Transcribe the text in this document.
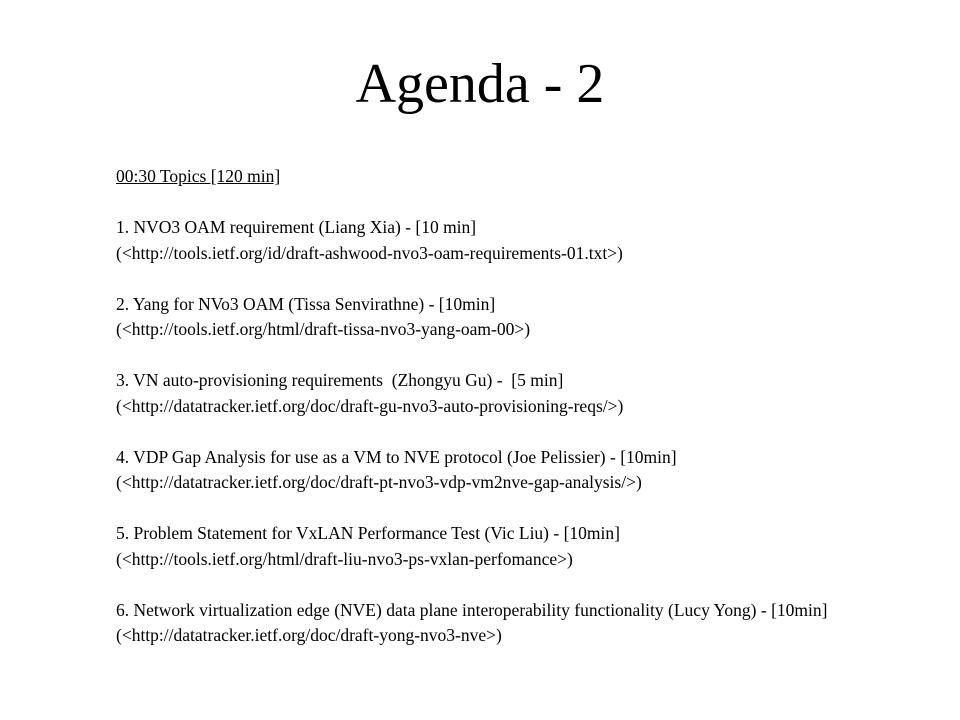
Agenda - 2
00:30 Topics [120 min]
1. NVO3 OAM requirement (Liang Xia) - [10 min]
(<http://tools.ietf.org/id/draft-ashwood-nvo3-oam-requirements-01.txt>)
2. Yang for NVo3 OAM (Tissa Senvirathne) - [10min]
(<http://tools.ietf.org/html/draft-tissa-nvo3-yang-oam-00>)
3. VN auto-provisioning requirements  (Zhongyu Gu) -  [5 min]
(<http://datatracker.ietf.org/doc/draft-gu-nvo3-auto-provisioning-reqs/>)
4. VDP Gap Analysis for use as a VM to NVE protocol (Joe Pelissier) - [10min]
(<http://datatracker.ietf.org/doc/draft-pt-nvo3-vdp-vm2nve-gap-analysis/>)
5. Problem Statement for VxLAN Performance Test (Vic Liu) - [10min]
(<http://tools.ietf.org/html/draft-liu-nvo3-ps-vxlan-perfomance>)
6. Network virtualization edge (NVE) data plane interoperability functionality (Lucy Yong) - [10min]
(<http://datatracker.ietf.org/doc/draft-yong-nvo3-nve>)
